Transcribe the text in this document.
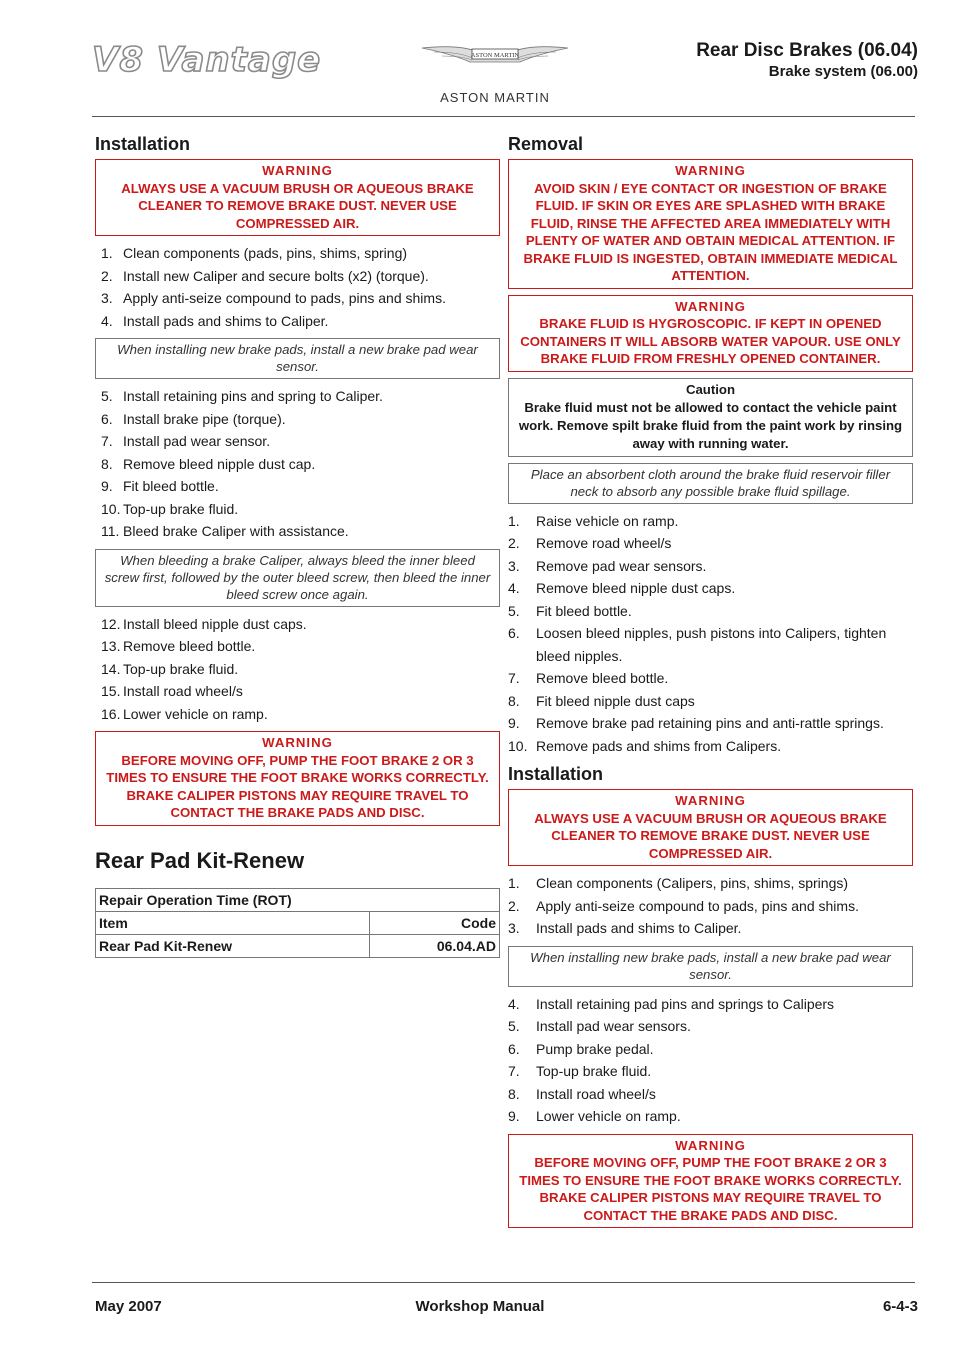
V8 Vantage	ASTON MARTIN
ASTON MARTIN
Rear Disc Brakes (06.04)
Brake system (06.00)
Installation
WARNING
ALWAYS USE A VACUUM BRUSH OR AQUEOUS BRAKE CLEANER TO REMOVE BRAKE DUST. NEVER USE COMPRESSED AIR.
1. Clean components (pads, pins, shims, spring)
2. Install new Caliper and secure bolts (x2) (torque).
3. Apply anti-seize compound to pads, pins and shims.
4. Install pads and shims to Caliper.
When installing new brake pads, install a new brake pad wear sensor.
5. Install retaining pins and spring to Caliper.
6. Install brake pipe (torque).
7. Install pad wear sensor.
8. Remove bleed nipple dust cap.
9. Fit bleed bottle.
10. Top-up brake fluid.
11. Bleed brake Caliper with assistance.
When bleeding a brake Caliper, always bleed the inner bleed screw first, followed by the outer bleed screw, then bleed the inner bleed screw once again.
12. Install bleed nipple dust caps.
13. Remove bleed bottle.
14. Top-up brake fluid.
15. Install road wheel/s
16. Lower vehicle on ramp.
WARNING
BEFORE MOVING OFF, PUMP THE FOOT BRAKE 2 OR 3 TIMES TO ENSURE THE FOOT BRAKE WORKS CORRECTLY. BRAKE CALIPER PISTONS MAY REQUIRE TRAVEL TO CONTACT THE BRAKE PADS AND DISC.
Rear Pad Kit-Renew
Repair Operation Time (ROT)	
Item	Code
Rear Pad Kit-Renew	06.04.AD
Removal
WARNING
AVOID SKIN / EYE CONTACT OR INGESTION OF BRAKE FLUID. IF SKIN OR EYES ARE SPLASHED WITH BRAKE FLUID, RINSE THE AFFECTED AREA IMMEDIATELY WITH PLENTY OF WATER AND OBTAIN MEDICAL ATTENTION. IF BRAKE FLUID IS INGESTED, OBTAIN IMMEDIATE MEDICAL ATTENTION.
WARNING
BRAKE FLUID IS HYGROSCOPIC. IF KEPT IN OPENED CONTAINERS IT WILL ABSORB WATER VAPOUR. USE ONLY BRAKE FLUID FROM FRESHLY OPENED CONTAINER.
Caution
Brake fluid must not be allowed to contact the vehicle paint work. Remove spilt brake fluid from the paint work by rinsing away with running water.
Place an absorbent cloth around the brake fluid reservoir filler neck to absorb any possible brake fluid spillage.
1. Raise vehicle on ramp.
2. Remove road wheel/s
3. Remove pad wear sensors.
4. Remove bleed nipple dust caps.
5. Fit bleed bottle.
6. Loosen bleed nipples, push pistons into Calipers, tighten bleed nipples.
7. Remove bleed bottle.
8. Fit bleed nipple dust caps
9. Remove brake pad retaining pins and anti-rattle springs.
10. Remove pads and shims from Calipers.
Installation
WARNING
ALWAYS USE A VACUUM BRUSH OR AQUEOUS BRAKE CLEANER TO REMOVE BRAKE DUST. NEVER USE COMPRESSED AIR.
1. Clean components (Calipers, pins, shims, springs)
2. Apply anti-seize compound to pads, pins and shims.
3. Install pads and shims to Caliper.
When installing new brake pads, install a new brake pad wear sensor.
4. Install retaining pad pins and springs to Calipers
5. Install pad wear sensors.
6. Pump brake pedal.
7. Top-up brake fluid.
8. Install road wheel/s
9. Lower vehicle on ramp.
WARNING
BEFORE MOVING OFF, PUMP THE FOOT BRAKE 2 OR 3 TIMES TO ENSURE THE FOOT BRAKE WORKS CORRECTLY. BRAKE CALIPER PISTONS MAY REQUIRE TRAVEL TO CONTACT THE BRAKE PADS AND DISC.
May 2007	Workshop Manual	6-4-3
